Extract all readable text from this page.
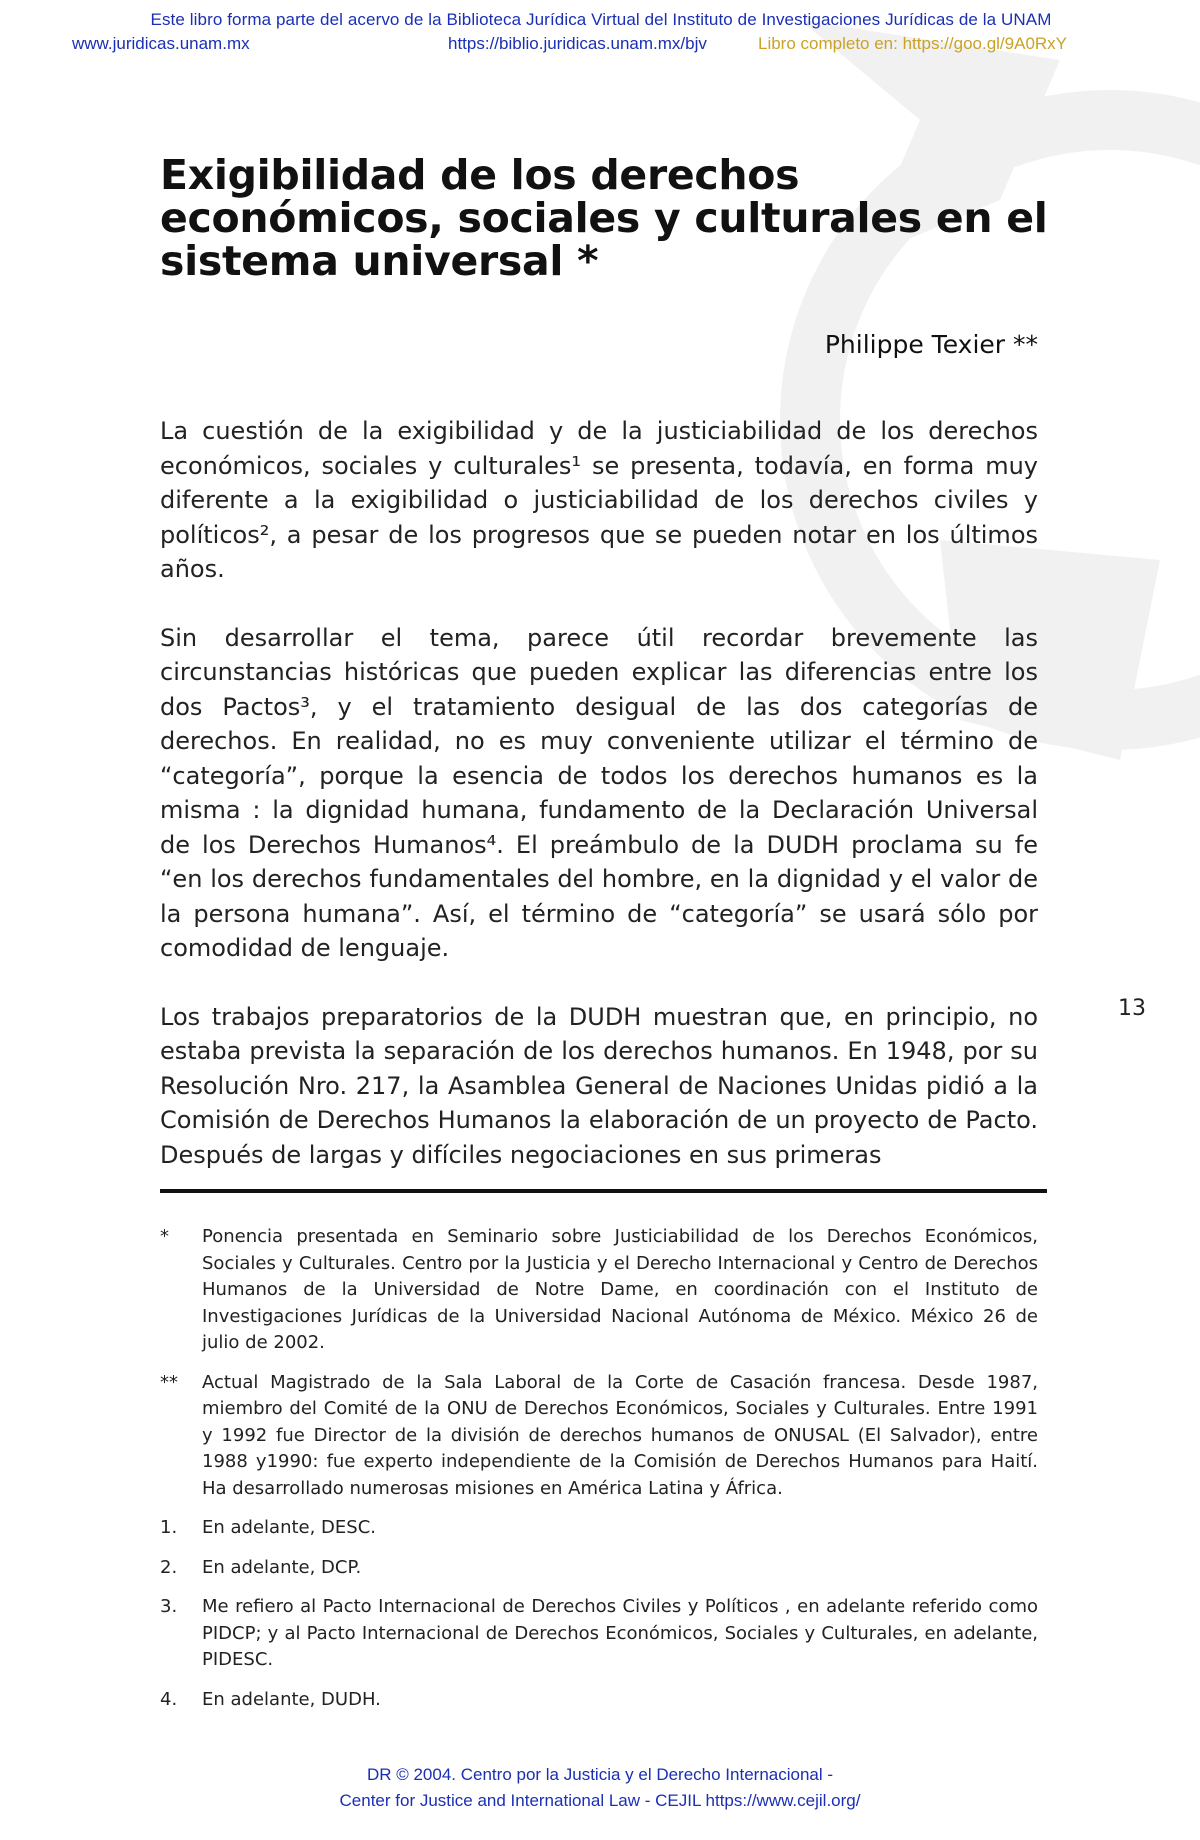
Este libro forma parte del acervo de la Biblioteca Jurídica Virtual del Instituto de Investigaciones Jurídicas de la UNAM
www.juridicas.unam.mx	https://biblio.juridicas.unam.mx/bjv	Libro completo en: https://goo.gl/9A0RxY
Exigibilidad de los derechos económicos, sociales y culturales en el sistema universal *
Philippe Texier **

La cuestión de la exigibilidad y de la justiciabilidad de los derechos económicos, sociales y culturales¹ se presenta, todavía, en forma muy diferente a la exigibilidad o justiciabilidad de los derechos civiles y políticos², a pesar de los progresos que se pueden notar en los últimos años.

Sin desarrollar el tema, parece útil recordar brevemente las circunstancias históricas que pueden explicar las diferencias entre los dos Pactos³, y el tratamiento desigual de las dos categorías de derechos. En realidad, no es muy conveniente utilizar el término de “categoría”, porque la esencia de todos los derechos humanos es la misma : la dignidad humana, fundamento de la Declaración Universal de los Derechos Humanos⁴. El preámbulo de la DUDH proclama su fe “en los derechos fundamentales del hombre, en la dignidad y el valor de la persona humana”. Así, el término de “categoría” se usará sólo por comodidad de lenguaje.

Los trabajos preparatorios de la DUDH muestran que, en principio, no estaba prevista la separación de los derechos humanos. En 1948, por su Resolución Nro. 217, la Asamblea General de Naciones Unidas pidió a la Comisión de Derechos Humanos la elaboración de un proyecto de Pacto. Después de largas y difíciles negociaciones en sus primeras

13
*	Ponencia presentada en Seminario sobre Justiciabilidad de los Derechos Económicos, Sociales y Culturales. Centro por la Justicia y el Derecho Internacional y Centro de Derechos Humanos de la Universidad de Notre Dame, en coordinación con el Instituto de Investigaciones Jurídicas de la Universidad Nacional Autónoma de México. México 26 de julio de 2002.
**	Actual Magistrado de la Sala Laboral de la Corte de Casación francesa. Desde 1987, miembro del Comité de la ONU de Derechos Económicos, Sociales y Culturales. Entre 1991 y 1992 fue Director de la división de derechos humanos de ONUSAL (El Salvador), entre 1988 y1990: fue experto independiente de la Comisión de Derechos Humanos para Haití. Ha desarrollado numerosas misiones en América Latina y África.
1.	En adelante, DESC.
2.	En adelante, DCP.
3.	Me refiero al Pacto Internacional de Derechos Civiles y Políticos , en adelante referido como PIDCP; y al Pacto Internacional de Derechos Económicos, Sociales y Culturales, en adelante, PIDESC.
4.	En adelante, DUDH.
DR © 2004. Centro por la Justicia y el Derecho Internacional -
Center for Justice and International Law - CEJIL https://www.cejil.org/
